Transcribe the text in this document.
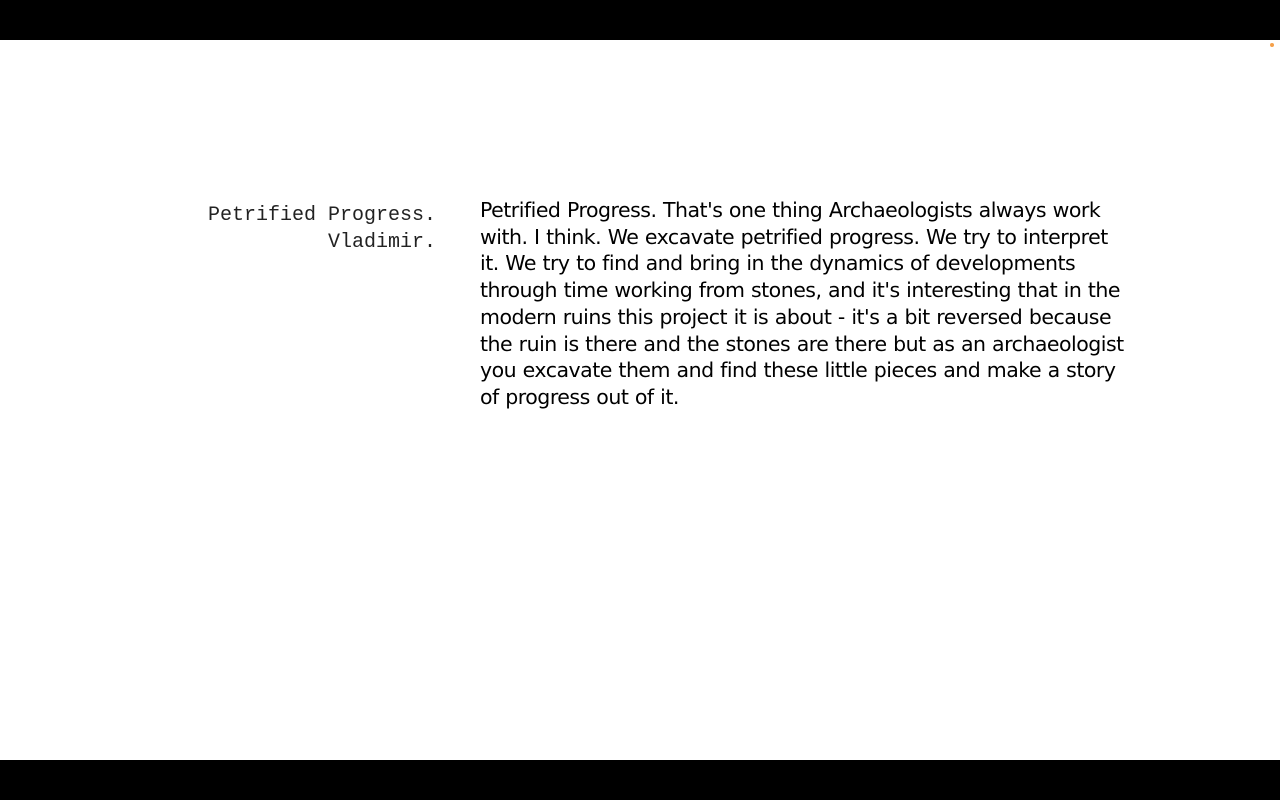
Petrified Progress.
Vladimir.
Petrified Progress. That's one thing Archaeologists always work
with. I think. We excavate petrified progress. We try to interpret
it. We try to find and bring in the dynamics of developments
through time working from stones, and it's interesting that in the
modern ruins this project it is about - it's a bit reversed because
the ruin is there and the stones are there but as an archaeologist
you excavate them and find these little pieces and make a story
of progress out of it.
